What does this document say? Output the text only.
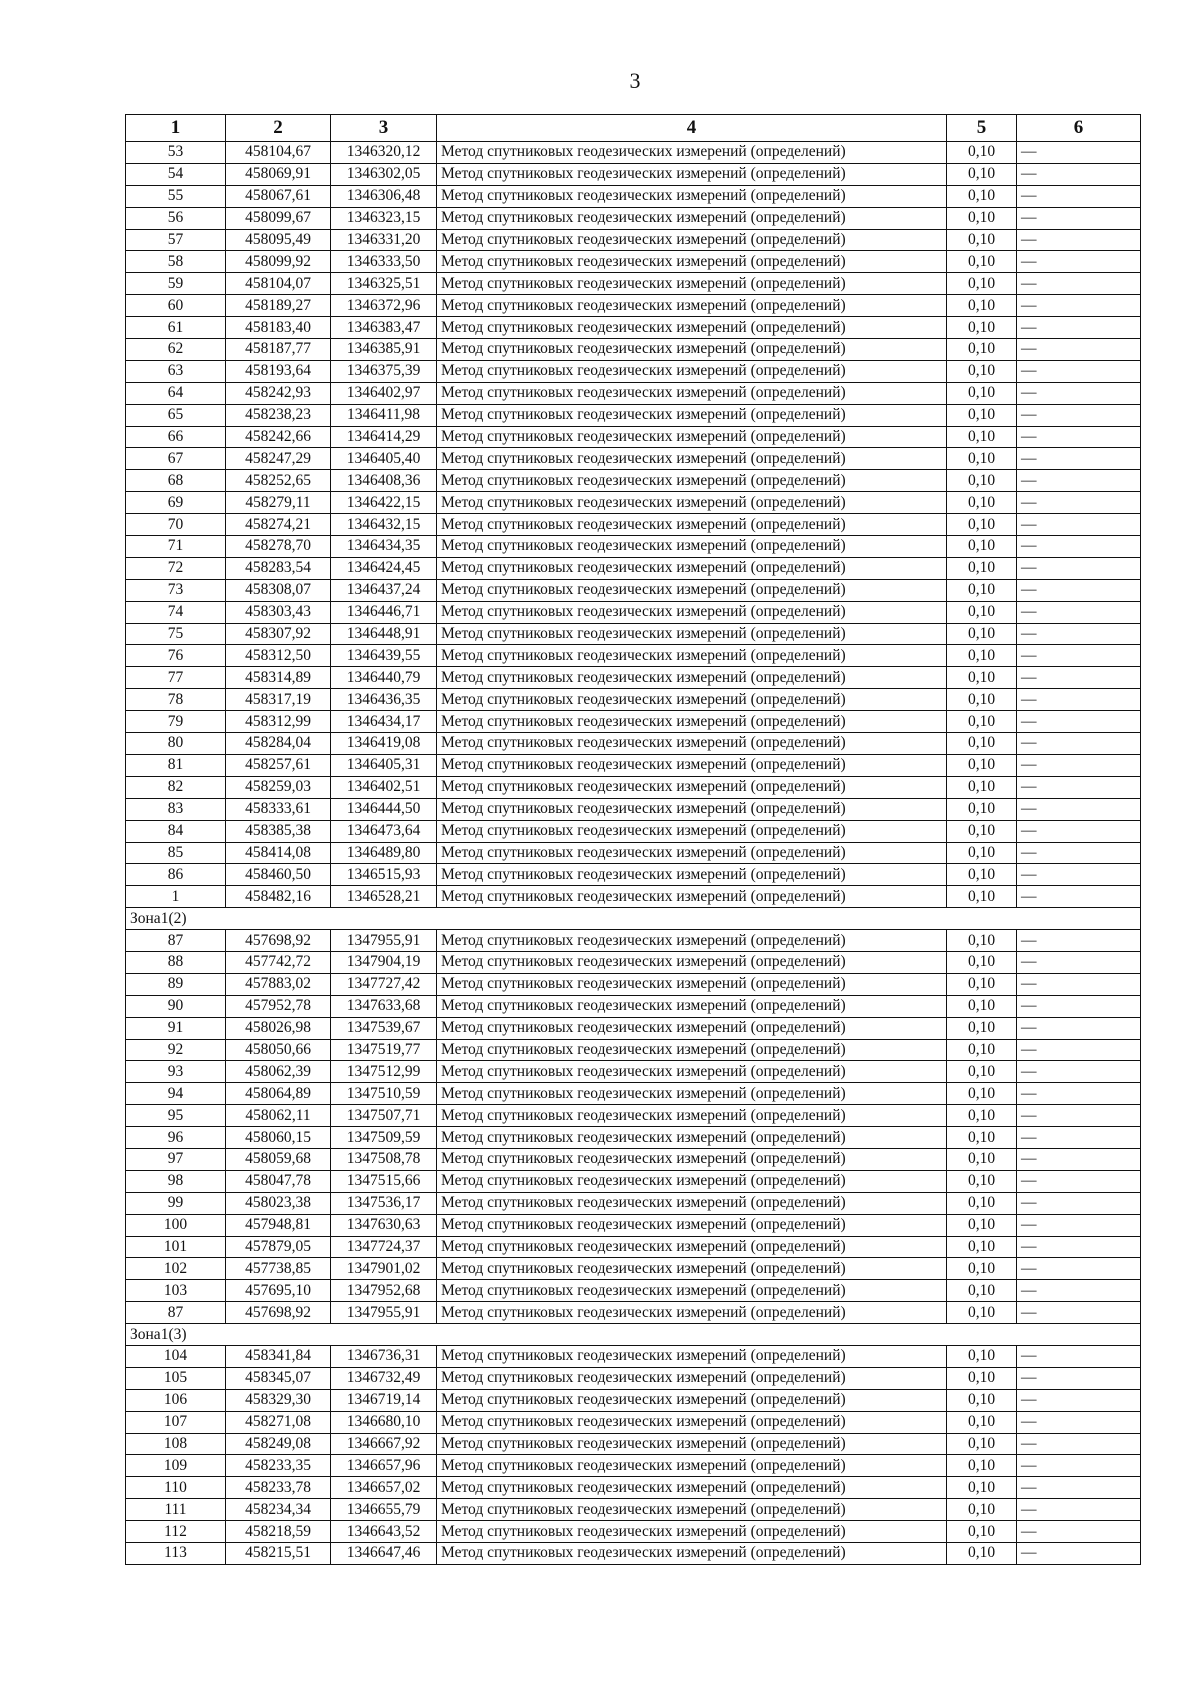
3
1	2	3	4	5	6
53	458104,67	1346320,12	Метод спутниковых геодезических измерений (определений)	0,10	—
54	458069,91	1346302,05	Метод спутниковых геодезических измерений (определений)	0,10	—
55	458067,61	1346306,48	Метод спутниковых геодезических измерений (определений)	0,10	—
56	458099,67	1346323,15	Метод спутниковых геодезических измерений (определений)	0,10	—
57	458095,49	1346331,20	Метод спутниковых геодезических измерений (определений)	0,10	—
58	458099,92	1346333,50	Метод спутниковых геодезических измерений (определений)	0,10	—
59	458104,07	1346325,51	Метод спутниковых геодезических измерений (определений)	0,10	—
60	458189,27	1346372,96	Метод спутниковых геодезических измерений (определений)	0,10	—
61	458183,40	1346383,47	Метод спутниковых геодезических измерений (определений)	0,10	—
62	458187,77	1346385,91	Метод спутниковых геодезических измерений (определений)	0,10	—
63	458193,64	1346375,39	Метод спутниковых геодезических измерений (определений)	0,10	—
64	458242,93	1346402,97	Метод спутниковых геодезических измерений (определений)	0,10	—
65	458238,23	1346411,98	Метод спутниковых геодезических измерений (определений)	0,10	—
66	458242,66	1346414,29	Метод спутниковых геодезических измерений (определений)	0,10	—
67	458247,29	1346405,40	Метод спутниковых геодезических измерений (определений)	0,10	—
68	458252,65	1346408,36	Метод спутниковых геодезических измерений (определений)	0,10	—
69	458279,11	1346422,15	Метод спутниковых геодезических измерений (определений)	0,10	—
70	458274,21	1346432,15	Метод спутниковых геодезических измерений (определений)	0,10	—
71	458278,70	1346434,35	Метод спутниковых геодезических измерений (определений)	0,10	—
72	458283,54	1346424,45	Метод спутниковых геодезических измерений (определений)	0,10	—
73	458308,07	1346437,24	Метод спутниковых геодезических измерений (определений)	0,10	—
74	458303,43	1346446,71	Метод спутниковых геодезических измерений (определений)	0,10	—
75	458307,92	1346448,91	Метод спутниковых геодезических измерений (определений)	0,10	—
76	458312,50	1346439,55	Метод спутниковых геодезических измерений (определений)	0,10	—
77	458314,89	1346440,79	Метод спутниковых геодезических измерений (определений)	0,10	—
78	458317,19	1346436,35	Метод спутниковых геодезических измерений (определений)	0,10	—
79	458312,99	1346434,17	Метод спутниковых геодезических измерений (определений)	0,10	—
80	458284,04	1346419,08	Метод спутниковых геодезических измерений (определений)	0,10	—
81	458257,61	1346405,31	Метод спутниковых геодезических измерений (определений)	0,10	—
82	458259,03	1346402,51	Метод спутниковых геодезических измерений (определений)	0,10	—
83	458333,61	1346444,50	Метод спутниковых геодезических измерений (определений)	0,10	—
84	458385,38	1346473,64	Метод спутниковых геодезических измерений (определений)	0,10	—
85	458414,08	1346489,80	Метод спутниковых геодезических измерений (определений)	0,10	—
86	458460,50	1346515,93	Метод спутниковых геодезических измерений (определений)	0,10	—
1	458482,16	1346528,21	Метод спутниковых геодезических измерений (определений)	0,10	—
Зона1(2)					
87	457698,92	1347955,91	Метод спутниковых геодезических измерений (определений)	0,10	—
88	457742,72	1347904,19	Метод спутниковых геодезических измерений (определений)	0,10	—
89	457883,02	1347727,42	Метод спутниковых геодезических измерений (определений)	0,10	—
90	457952,78	1347633,68	Метод спутниковых геодезических измерений (определений)	0,10	—
91	458026,98	1347539,67	Метод спутниковых геодезических измерений (определений)	0,10	—
92	458050,66	1347519,77	Метод спутниковых геодезических измерений (определений)	0,10	—
93	458062,39	1347512,99	Метод спутниковых геодезических измерений (определений)	0,10	—
94	458064,89	1347510,59	Метод спутниковых геодезических измерений (определений)	0,10	—
95	458062,11	1347507,71	Метод спутниковых геодезических измерений (определений)	0,10	—
96	458060,15	1347509,59	Метод спутниковых геодезических измерений (определений)	0,10	—
97	458059,68	1347508,78	Метод спутниковых геодезических измерений (определений)	0,10	—
98	458047,78	1347515,66	Метод спутниковых геодезических измерений (определений)	0,10	—
99	458023,38	1347536,17	Метод спутниковых геодезических измерений (определений)	0,10	—
100	457948,81	1347630,63	Метод спутниковых геодезических измерений (определений)	0,10	—
101	457879,05	1347724,37	Метод спутниковых геодезических измерений (определений)	0,10	—
102	457738,85	1347901,02	Метод спутниковых геодезических измерений (определений)	0,10	—
103	457695,10	1347952,68	Метод спутниковых геодезических измерений (определений)	0,10	—
87	457698,92	1347955,91	Метод спутниковых геодезических измерений (определений)	0,10	—
Зона1(3)					
104	458341,84	1346736,31	Метод спутниковых геодезических измерений (определений)	0,10	—
105	458345,07	1346732,49	Метод спутниковых геодезических измерений (определений)	0,10	—
106	458329,30	1346719,14	Метод спутниковых геодезических измерений (определений)	0,10	—
107	458271,08	1346680,10	Метод спутниковых геодезических измерений (определений)	0,10	—
108	458249,08	1346667,92	Метод спутниковых геодезических измерений (определений)	0,10	—
109	458233,35	1346657,96	Метод спутниковых геодезических измерений (определений)	0,10	—
110	458233,78	1346657,02	Метод спутниковых геодезических измерений (определений)	0,10	—
111	458234,34	1346655,79	Метод спутниковых геодезических измерений (определений)	0,10	—
112	458218,59	1346643,52	Метод спутниковых геодезических измерений (определений)	0,10	—
113	458215,51	1346647,46	Метод спутниковых геодезических измерений (определений)	0,10	—
